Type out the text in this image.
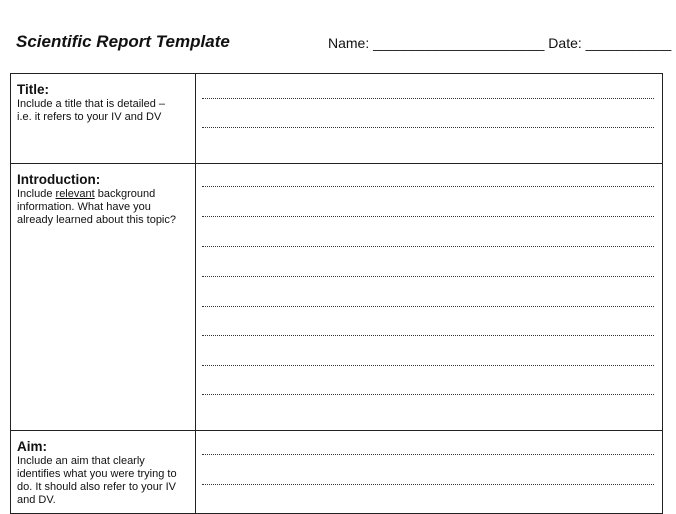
Scientific Report Template	Name: ______________________ Date: ___________
Title:
Include a title that is detailed –
i.e. it refers to your IV and DV	

Introduction:
Include relevant background
information. What have you
already learned about this topic?	

Aim:
Include an aim that clearly
identifies what you were trying to
do. It should also refer to your IV
and DV.	
